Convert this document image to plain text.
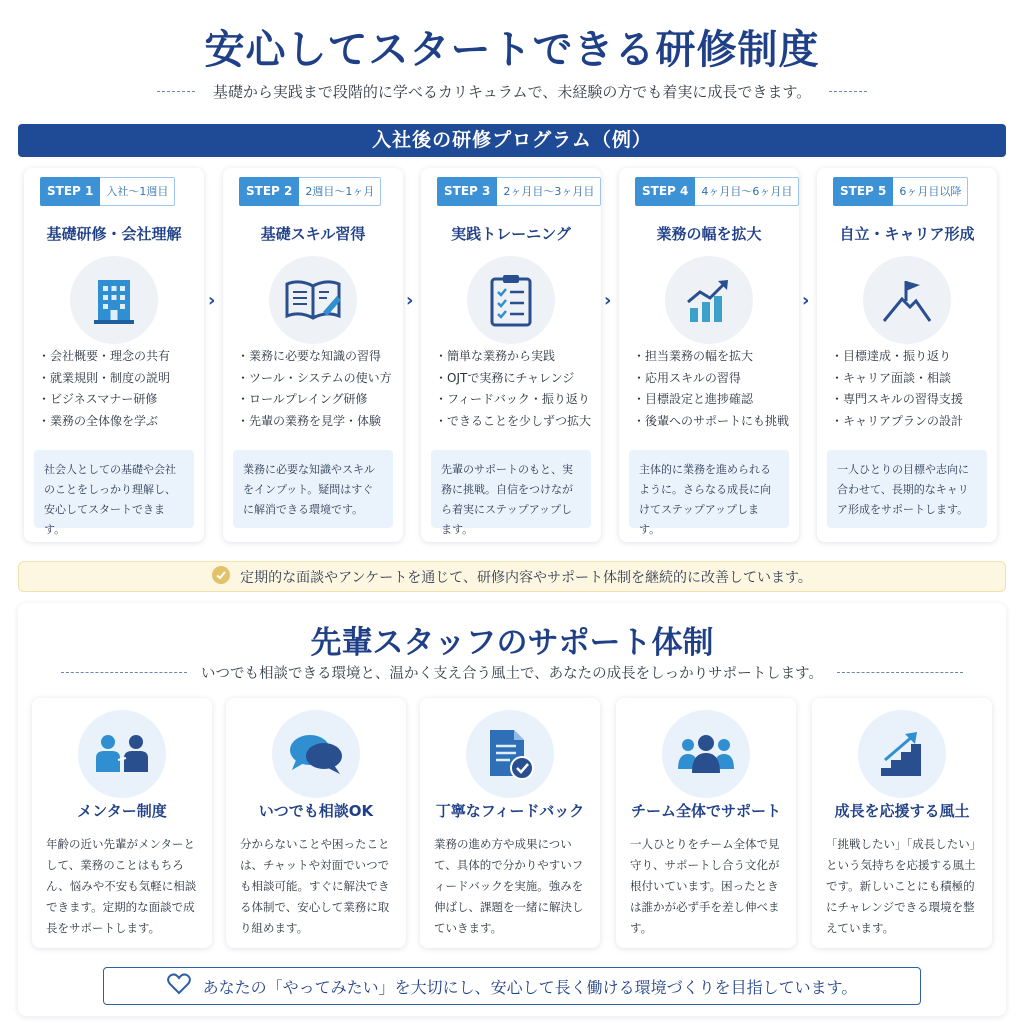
安心してスタートできる研修制度
基礎から実践まで段階的に学べるカリキュラムで、未経験の方でも着実に成長できます。
入社後の研修プログラム（例）
STEP 1	入社〜1週目
基礎研修・会社理解
・ 会社概要・理念の共有
・ 就業規則・制度の説明
・ ビジネスマナー研修
・ 業務の全体像を学ぶ
社会人としての基礎や会社のことをしっかり理解し、安心してスタートできます。
›
STEP 2	2週目〜1ヶ月
基礎スキル習得
・ 業務に必要な知識の習得
・ ツール・システムの使い方
・ ロールプレイング研修
・ 先輩の業務を見学・体験
業務に必要な知識やスキルをインプット。疑問はすぐに解消できる環境です。
›
STEP 3	2ヶ月目〜3ヶ月目
実践トレーニング
・ 簡単な業務から実践
・ OJTで実務にチャレンジ
・ フィードバック・振り返り
・ できることを少しずつ拡大
先輩のサポートのもと、実務に挑戦。自信をつけながら着実にステップアップします。
›
STEP 4	4ヶ月目〜6ヶ月目
業務の幅を拡大
・ 担当業務の幅を拡大
・ 応用スキルの習得
・ 目標設定と進捗確認
・ 後輩へのサポートにも挑戦
主体的に業務を進められるように。さらなる成長に向けてステップアップします。
›
STEP 5	6ヶ月目以降
自立・キャリア形成
・ 目標達成・振り返り
・ キャリア面談・相談
・ 専門スキルの習得支援
・ キャリアプランの設計
一人ひとりの目標や志向に合わせて、長期的なキャリア形成をサポートします。
定期的な面談やアンケートを通じて、研修内容やサポート体制を継続的に改善しています。
先輩スタッフのサポート体制
いつでも相談できる環境と、温かく支え合う風土で、あなたの成長をしっかりサポートします。
メンター制度
年齢の近い先輩がメンターとして、業務のことはもちろん、悩みや不安も気軽に相談できます。定期的な面談で成長をサポートします。
いつでも相談OK
分からないことや困ったことは、チャットや対面でいつでも相談可能。すぐに解決できる体制で、安心して業務に取り組めます。
丁寧なフィードバック
業務の進め方や成果について、具体的で分かりやすいフィードバックを実施。強みを伸ばし、課題を一緒に解決していきます。
チーム全体でサポート
一人ひとりをチーム全体で見守り、サポートし合う文化が根付いています。困ったときは誰かが必ず手を差し伸べます。
成長を応援する風土
「挑戦したい」「成長したい」という気持ちを応援する風土です。新しいことにも積極的にチャレンジできる環境を整えています。
あなたの「やってみたい」を大切にし、安心して長く働ける環境づくりを目指しています。
